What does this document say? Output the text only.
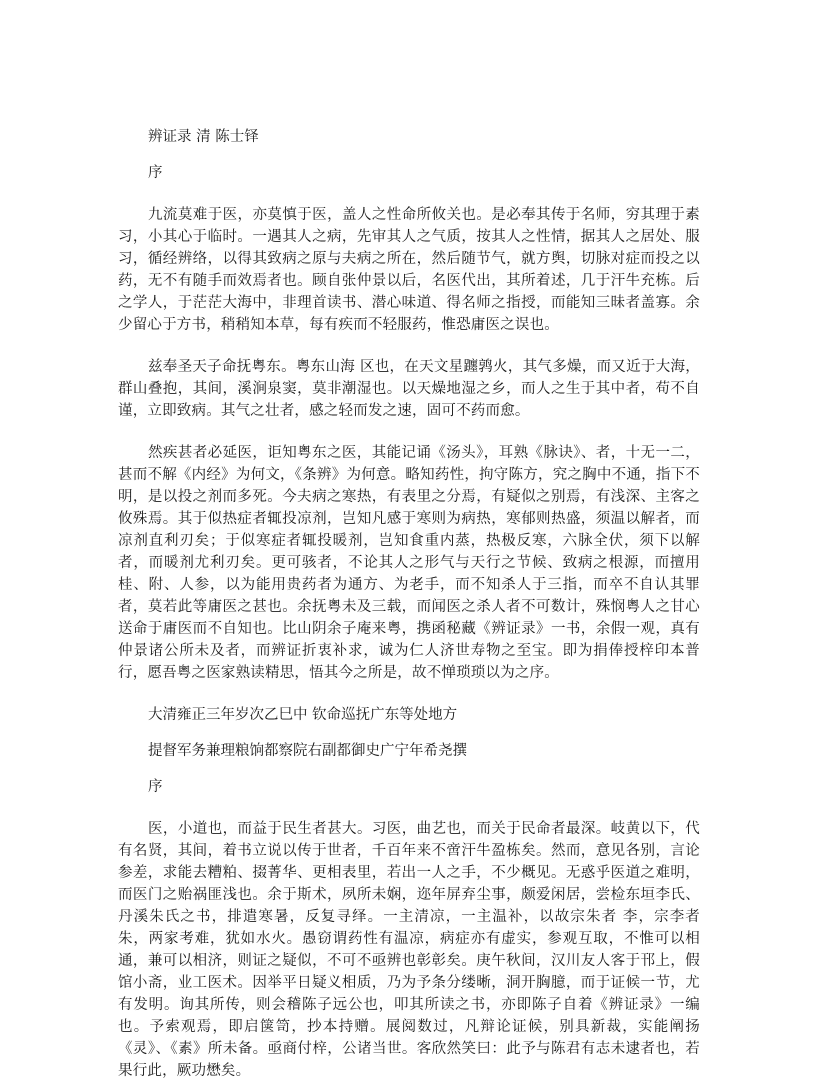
辨证录 清 陈士铎

序

九流莫难于医，亦莫慎于医，盖人之性命所攸关也。是必奉其传于名师，穷其理于素习，小其心于临时。一遇其人之病，先审其人之气质，按其人之性情，据其人之居处、服习，循经辨络，以得其致病之原与夫病之所在，然后随节气，就方舆，切脉对症而投之以药，无不有随手而效焉者也。顾自张仲景以后，名医代出，其所着述，几于汗牛充栋。后之学人，于茫茫大海中，非理首读书、潜心味道、得名师之指授，而能知三昧者盖寡。余少留心于方书，稍稍知本草，每有疾而不轻服药，惟恐庸医之误也。

兹奉圣天子命抚粤东。粤东山海 区也，在天文星躔鹑火，其气多燥，而又近于大海，群山叠抱，其间，溪涧泉窦，莫非潮湿也。以天燥地湿之乡，而人之生于其中者，苟不自谨，立即致病。其气之壮者，感之轻而发之速，固可不药而愈。

然疾甚者必延医，讵知粤东之医，其能记诵《汤头》，耳熟《脉诀》、者，十无一二，甚而不解《内经》为何文，《条辨》为何意。略知药性，拘守陈方，究之胸中不通，指下不明，是以投之剂而多死。今夫病之寒热，有表里之分焉，有疑似之别焉，有浅深、主客之攸殊焉。其于似热症者辄投凉剂，岂知凡感于寒则为病热，寒郁则热盛，须温以解者，而凉剂直利刃矣；于似寒症者辄投暖剂，岂知食重内蒸，热极反寒，六脉全伏，须下以解者，而暖剂尤利刃矣。更可骇者，不论其人之形气与天行之节候、致病之根源，而擅用桂、附、人参，以为能用贵药者为通方、为老手，而不知杀人于三指，而卒不自认其罪者，莫若此等庸医之甚也。余抚粤未及三载，而闻医之杀人者不可数计，殊悯粤人之甘心送命于庸医而不自知也。比山阴余子庵来粤，携函秘藏《辨证录》一书，余假一观，真有仲景诸公所未及者，而辨证折衷补求，诚为仁人济世寿物之至宝。即为捐俸授梓印本普行，愿吾粤之医家熟读精思，悟其今之所是，故不惮琐琐以为之序。

大清雍正三年岁次乙巳中 钦命巡抚广东等处地方

提督军务兼理粮饷都察院右副都御史广宁年希尧撰

序

医，小道也，而益于民生者甚大。习医，曲艺也，而关于民命者最深。岐黄以下，代有名贤，其间，着书立说以传于世者，千百年来不啻汗牛盈栋矣。然而，意见各别，言论参差，求能去糟粕、掇菁华、更相表里，若出一人之手，不少概见。无惑乎医道之难明，而医门之贻祸匪浅也。余于斯术，夙所未娴，迩年屏弃尘事，颇爱闲居，尝检东垣李氏、丹溪朱氏之书，排遣寒暑，反复寻绎。一主清凉，一主温补，以故宗朱者 李，宗李者 朱，两家考难，犹如水火。愚窃谓药性有温凉，病症亦有虚实，参观互取，不惟可以相通，兼可以相济，则证之疑似，不可不亟辨也彰彰矣。庚午秋间，汉川友人客于邗上，假馆小斋，业工医术。因举平日疑义相质，乃为予条分缕晰，洞开胸臆，而于证候一节，尤有发明。询其所传，则会稽陈子远公也，叩其所读之书，亦即陈子自着《辨证录》一编也。予索观焉，即启箧笥，抄本持赠。展阅数过，凡辩论证候，别具新裁，实能阐扬《灵》、《素》所未备。亟商付梓，公诸当世。客欣然笑曰：此予与陈君有志未逮者也，若果行此，厥功懋矣。
